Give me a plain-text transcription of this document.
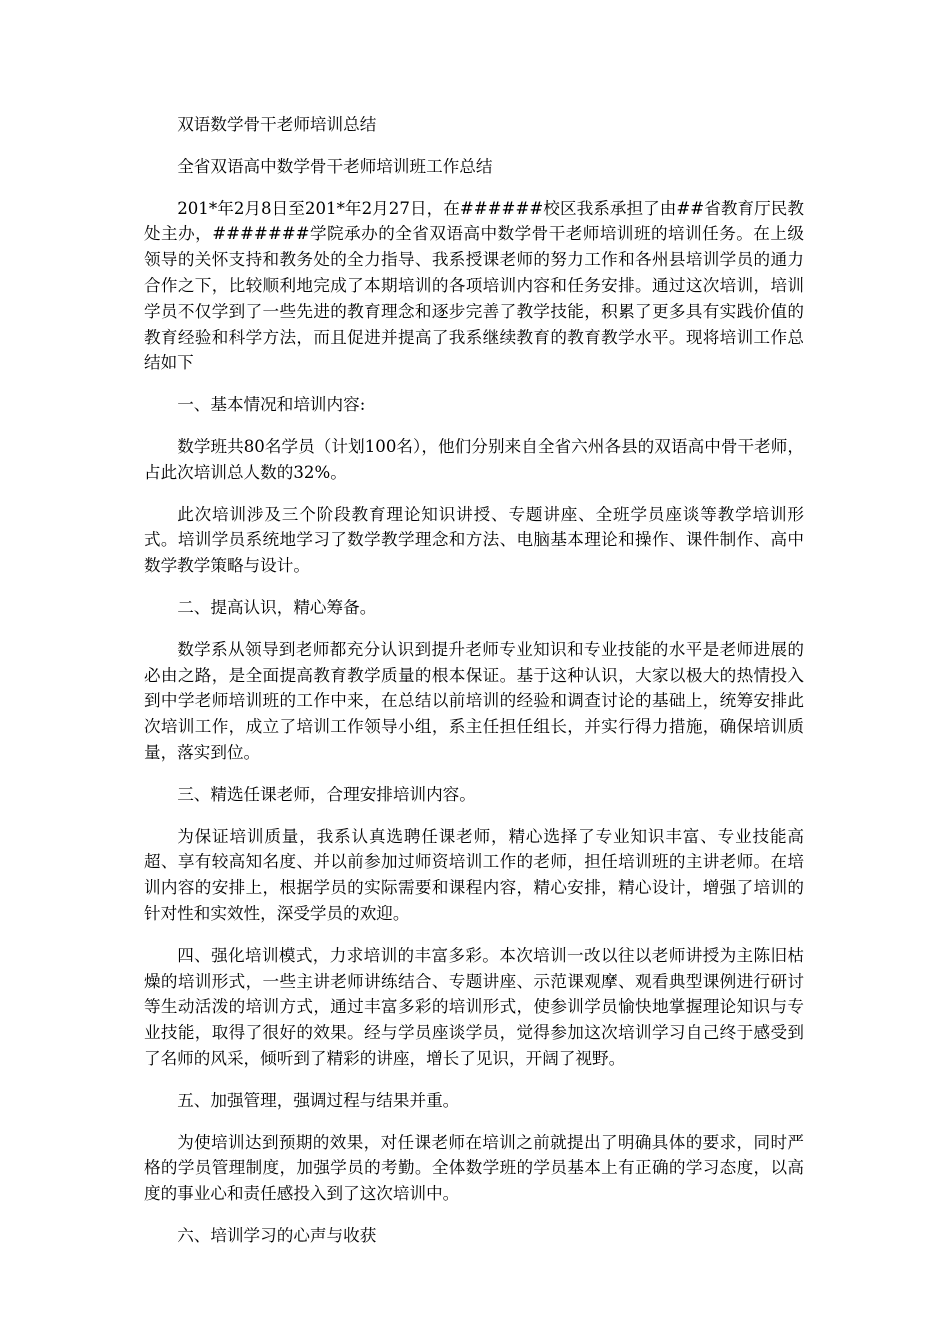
双语数学骨干老师培训总结

全省双语高中数学骨干老师培训班工作总结

201*年2月8日至201*年2月27日，在######校区我系承担了由##省教育厅民教处主办，#######学院承办的全省双语高中数学骨干老师培训班的培训任务。在上级领导的关怀支持和教务处的全力指导、我系授课老师的努力工作和各州县培训学员的通力合作之下，比较顺利地完成了本期培训的各项培训内容和任务安排。通过这次培训，培训学员不仅学到了一些先进的教育理念和逐步完善了教学技能，积累了更多具有实践价值的教育经验和科学方法，而且促进并提高了我系继续教育的教育教学水平。现将培训工作总结如下

一、基本情况和培训内容:

数学班共80名学员（计划100名），他们分别来自全省六州各县的双语高中骨干老师，占此次培训总人数的32%。

此次培训涉及三个阶段教育理论知识讲授、专题讲座、全班学员座谈等教学培训形式。培训学员系统地学习了数学教学理念和方法、电脑基本理论和操作、课件制作、高中数学教学策略与设计。

二、提高认识，精心筹备。

数学系从领导到老师都充分认识到提升老师专业知识和专业技能的水平是老师进展的必由之路，是全面提高教育教学质量的根本保证。基于这种认识，大家以极大的热情投入到中学老师培训班的工作中来，在总结以前培训的经验和调查讨论的基础上，统筹安排此次培训工作，成立了培训工作领导小组，系主任担任组长，并实行得力措施，确保培训质量，落实到位。

三、精选任课老师，合理安排培训内容。

为保证培训质量，我系认真选聘任课老师，精心选择了专业知识丰富、专业技能高超、享有较高知名度、并以前参加过师资培训工作的老师，担任培训班的主讲老师。在培训内容的安排上，根据学员的实际需要和课程内容，精心安排，精心设计，增强了培训的针对性和实效性，深受学员的欢迎。

四、强化培训模式，力求培训的丰富多彩。本次培训一改以往以老师讲授为主陈旧枯燥的培训形式，一些主讲老师讲练结合、专题讲座、示范课观摩、观看典型课例进行研讨等生动活泼的培训方式，通过丰富多彩的培训形式，使参训学员愉快地掌握理论知识与专业技能，取得了很好的效果。经与学员座谈学员，觉得参加这次培训学习自己终于感受到了名师的风采，倾听到了精彩的讲座，增长了见识，开阔了视野。

五、加强管理，强调过程与结果并重。

为使培训达到预期的效果，对任课老师在培训之前就提出了明确具体的要求，同时严格的学员管理制度，加强学员的考勤。全体数学班的学员基本上有正确的学习态度，以高度的事业心和责任感投入到了这次培训中。

六、培训学习的心声与收获
